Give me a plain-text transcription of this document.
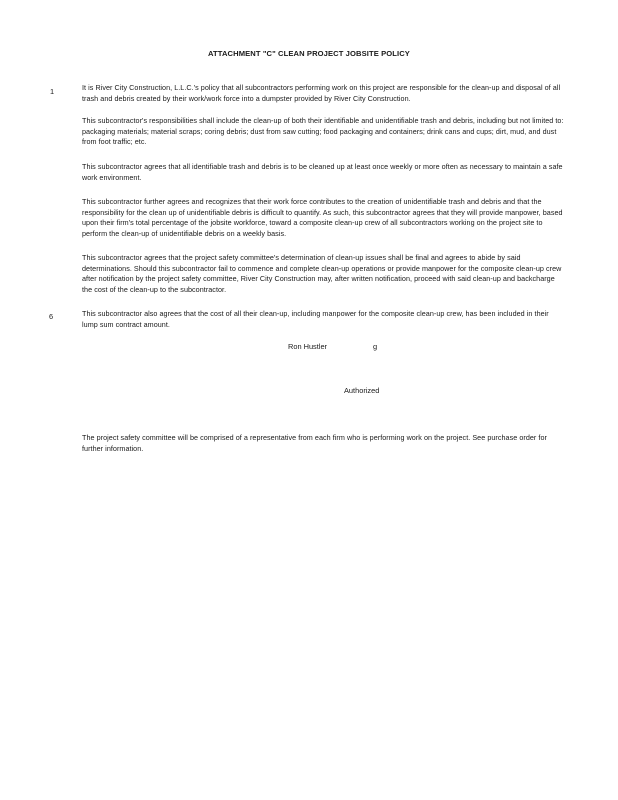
ATTACHMENT "C" CLEAN PROJECT JOBSITE POLICY
1	It is River City Construction, L.L.C.'s policy that all subcontractors performing work on this project are responsible for the clean-up and disposal of all trash and debris created by their work/work force into a dumpster provided by River City Construction.
This subcontractor's responsibilities shall include the clean-up of both their identifiable and unidentifiable trash and debris, including but not limited to: packaging materials; material scraps; coring debris; dust from saw cutting; food packaging and containers; drink cans and cups; dirt, mud, and dust from foot traffic; etc.
This subcontractor agrees that all identifiable trash and debris is to be cleaned up at least once weekly or more often as necessary to maintain a safe work environment.
This subcontractor further agrees and recognizes that their work force contributes to the creation of unidentifiable trash and debris and that the responsibility for the clean up of unidentifiable debris is difficult to quantify. As such, this subcontractor agrees that they will provide manpower, based upon their firm's total percentage of the jobsite workforce, toward a composite clean-up crew of all subcontractors working on the project site to perform the clean-up of unidentifiable debris on a weekly basis.
This subcontractor agrees that the project safety committee's determination of clean-up issues shall be final and agrees to abide by said determinations. Should this subcontractor fail to commence and complete clean-up operations or provide manpower for the composite clean-up crew after notification by the project safety committee, River City Construction may, after written notification, proceed with said clean-up and backcharge the cost of the clean-up to the subcontractor.
6	This subcontractor also agrees that the cost of all their clean-up, including manpower for the composite clean-up crew, has been included in their lump sum contract amount.
Ron Hustler	g
Authorized
The project safety committee will be comprised of a representative from each firm who is performing work on the project. See purchase order for further information.
